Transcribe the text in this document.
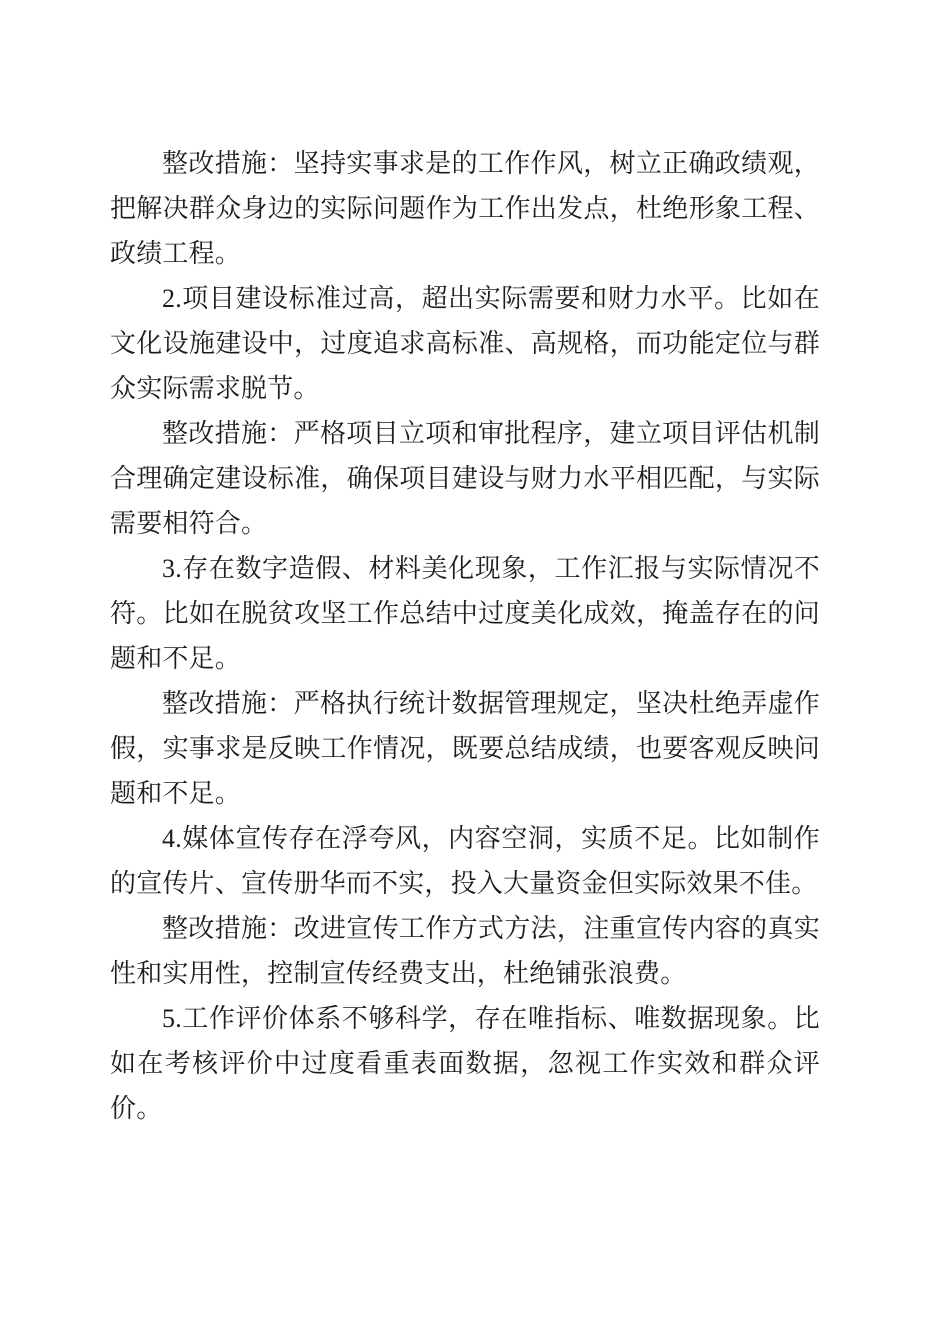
整改措施：坚持实事求是的工作作风，树立正确政绩观，把解决群众身边的实际问题作为工作出发点，杜绝形象工程、政绩工程。

2.项目建设标准过高，超出实际需要和财力水平。比如在文化设施建设中，过度追求高标准、高规格，而功能定位与群众实际需求脱节。

整改措施：严格项目立项和审批程序，建立项目评估机制合理确定建设标准，确保项目建设与财力水平相匹配，与实际需要相符合。

3.存在数字造假、材料美化现象，工作汇报与实际情况不符。比如在脱贫攻坚工作总结中过度美化成效，掩盖存在的问题和不足。

整改措施：严格执行统计数据管理规定，坚决杜绝弄虚作假，实事求是反映工作情况，既要总结成绩，也要客观反映问题和不足。

4.媒体宣传存在浮夸风，内容空洞，实质不足。比如制作的宣传片、宣传册华而不实，投入大量资金但实际效果不佳。

整改措施：改进宣传工作方式方法，注重宣传内容的真实性和实用性，控制宣传经费支出，杜绝铺张浪费。

5.工作评价体系不够科学，存在唯指标、唯数据现象。比如在考核评价中过度看重表面数据，忽视工作实效和群众评价。
